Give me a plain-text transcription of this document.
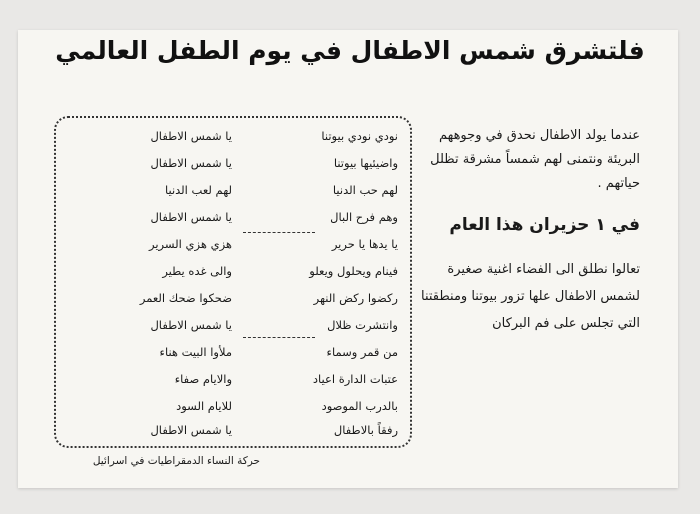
فلتشرق شمس الاطفال في يوم الطفل العالمي
نودي نودي بيوتنا
يا شمس الاطفال
واضيئيها بيوتنا
يا شمس الاطفال
لهم حب الدنيا
لهم لعب الدنيا
وهم فرح البال
يا شمس الاطفال
يا يدها يا حرير
هزي هزي السرير
فينام ويحلول ويعلو
والى غده يطير
ركضوا ركض النهر
ضحكوا ضحك العمر
وانتشرت ظلال
يا شمس الاطفال
من قمر وسماء
ملأوا البيت هناء
عتبات الدارة اعياد
والايام صفاء
بالدرب الموصود
للايام السود
رفقاً بالاطفال
يا شمس الاطفال

عندما يولد الاطفال نحدق في وجوههم البريئة ونتمنى لهم شمساً مشرقة تظلل حياتهم .

في ١ حزيران هذا العام

تعالوا نطلق الى الفضاء اغنية صغيرة لشمس الاطفال علها تزور بيوتنا ومنطقتنا التي تجلس على فم البركان

حركة النساء الدمقراطيات في اسرائيل
